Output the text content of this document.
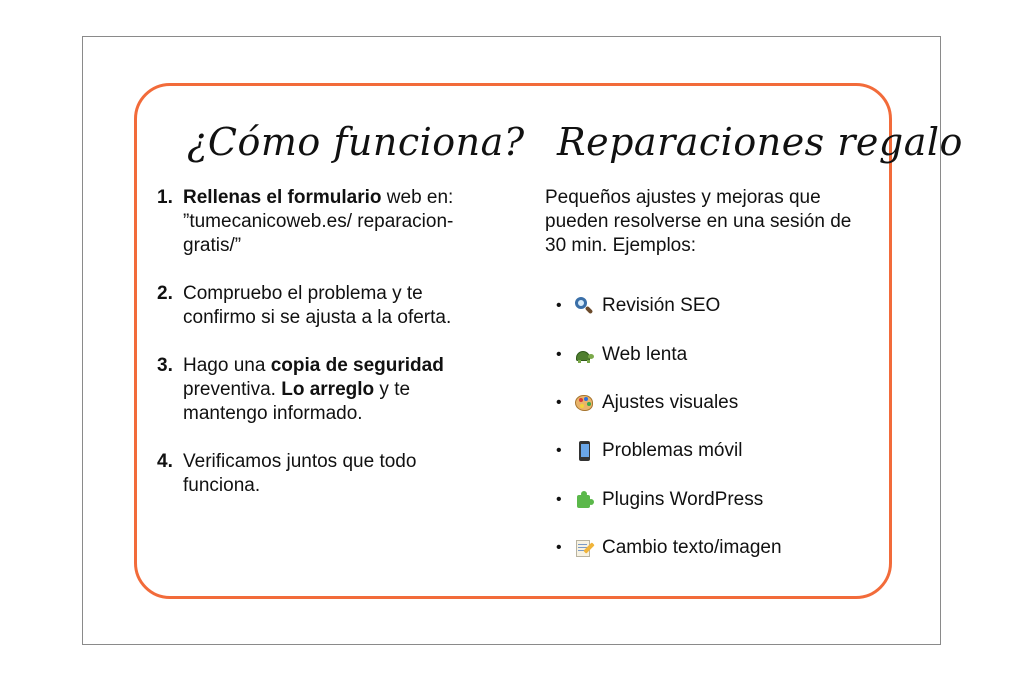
¿Cómo funciona? Reparaciones regalo
1. Rellenas el formulario web en: ”tumecanicoweb.es/ reparacion-gratis/”
2. Compruebo el problema y te confirmo si se ajusta a la oferta.
3. Hago una copia de seguridad preventiva. Lo arreglo y te mantengo informado.
4. Verificamos juntos que todo funciona.

Pequeños ajustes y mejoras que pueden resolverse en una sesión de 30 min. Ejemplos:

•	Revisión SEO
•	Web lenta
•	Ajustes visuales
•	Problemas móvil
•	Plugins WordPress
•	Cambio texto/imagen
